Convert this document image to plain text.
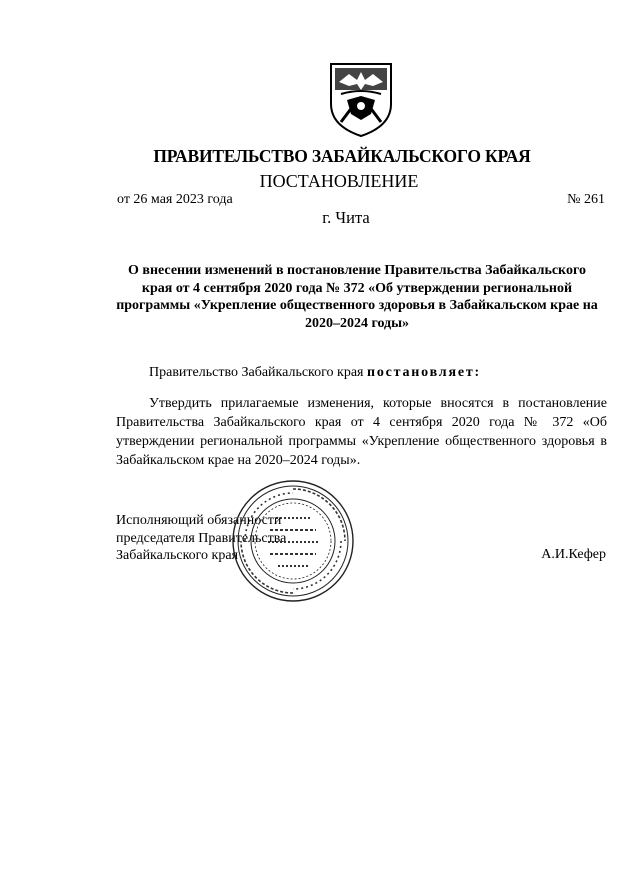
ПРАВИТЕЛЬСТВО ЗАБАЙКАЛЬСКОГО КРАЯ
ПОСТАНОВЛЕНИЕ
от 26 мая 2023 года	№ 261
г. Чита
О внесении изменений в постановление Правительства Забайкальского края от 4 сентября 2020 года № 372 «Об утверждении региональной программы «Укрепление общественного здоровья в Забайкальском крае на 2020–2024 годы»
Правительство Забайкальского края постановляет:
Утвердить прилагаемые изменения, которые вносятся в постановление Правительства Забайкальского края от 4 сентября 2020 года № 372 «Об утверждении региональной программы «Укрепление общественного здоровья в Забайкальском крае на 2020–2024 годы».
Исполняющий обязанности
председателя Правительства
Забайкальского края	А.И.Кефер
